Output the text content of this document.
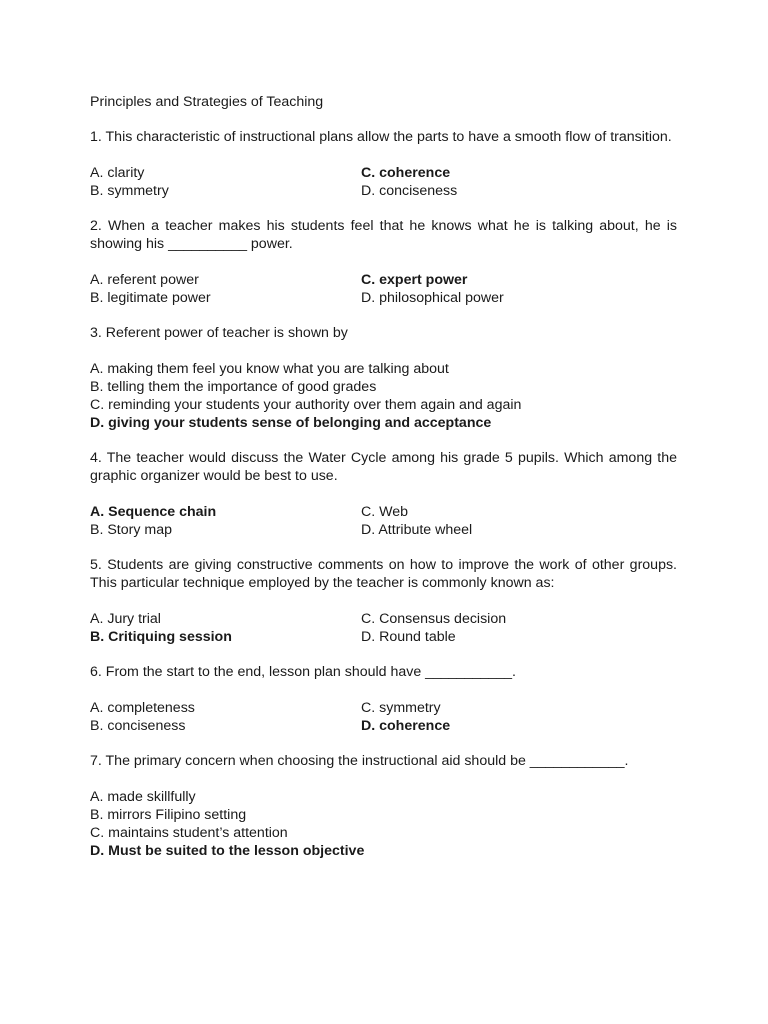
Principles and Strategies of Teaching
1. This characteristic of instructional plans allow the parts to have a smooth flow of transition.
A. clarity	C. coherence
B. symmetry	D. conciseness
2. When a teacher makes his students feel that he knows what he is talking about, he is showing his __________ power.
A. referent power	C. expert power
B. legitimate power	D. philosophical power
3. Referent power of teacher is shown by
A. making them feel you know what you are talking about
B. telling them the importance of good grades
C. reminding your students your authority over them again and again
D. giving your students sense of belonging and acceptance
4. The teacher would discuss the Water Cycle among his grade 5 pupils. Which among the graphic organizer would be best to use.
A. Sequence chain	C. Web
B. Story map	D. Attribute wheel
5. Students are giving constructive comments on how to improve the work of other groups. This particular technique employed by the teacher is commonly known as:
A. Jury trial	C. Consensus decision
B. Critiquing session	D. Round table
6. From the start to the end, lesson plan should have ___________.
A. completeness	C. symmetry
B. conciseness	D. coherence
7. The primary concern when choosing the instructional aid should be ____________.
A. made skillfully
B. mirrors Filipino setting
C. maintains student’s attention
D. Must be suited to the lesson objective
